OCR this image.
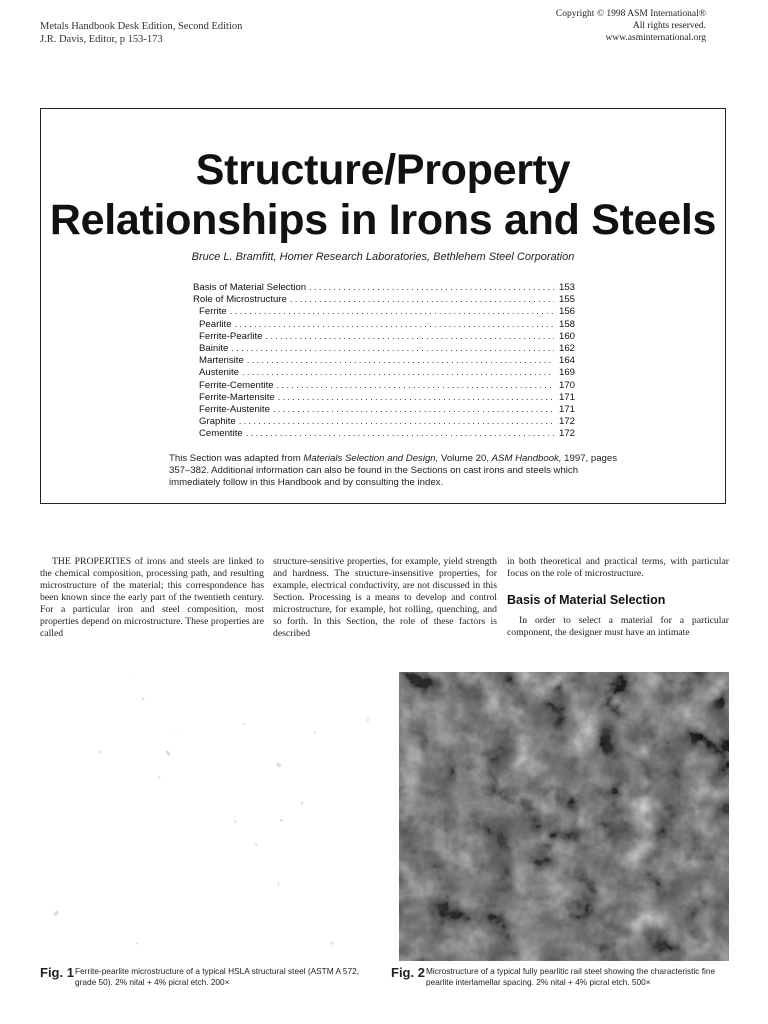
Metals Handbook Desk Edition, Second Edition
J.R. Davis, Editor, p 153-173
Copyright © 1998 ASM International®
All rights reserved.
www.asminternational.org
Structure/Property
Relationships in Irons and Steels
Bruce L. Bramfitt, Homer Research Laboratories, Bethlehem Steel Corporation
Basis of Material Selection .....	153
Role of Microstructure .....	155
Ferrite .....	156
Pearlite .....	158
Ferrite-Pearlite .....	160
Bainite .....	162
Martensite .....	164
Austenite .....	169
Ferrite-Cementite .....	170
Ferrite-Martensite .....	171
Ferrite-Austenite .....	171
Graphite .....	172
Cementite .....	172
This Section was adapted from Materials Selection and Design, Volume 20, ASM Handbook, 1997, pages 357–382. Additional information can also be found in the Sections on cast irons and steels which immediately follow in this Handbook and by consulting the index.

THE PROPERTIES of irons and steels are linked to the chemical composition, processing path, and resulting microstructure of the material; this correspondence has been known since the early part of the twentieth century. For a particular iron and steel composition, most properties depend on microstructure. These properties are called

structure-sensitive properties, for example, yield strength and hardness. The structure-insensitive properties, for example, electrical conductivity, are not discussed in this Section. Processing is a means to develop and control microstructure, for example, hot rolling, quenching, and so forth. In this Section, the role of these factors is described

in both theoretical and practical terms, with particular focus on the role of microstructure.

Basis of Material Selection

In order to select a material for a particular component, the designer must have an intimate

Fig. 1 Ferrite-pearlite microstructure of a typical HSLA structural steel (ASTM A 572, grade 50). 2% nital + 4% picral etch. 200×
Fig. 2 Microstructure of a typical fully pearlitic rail steel showing the characteristic fine pearlite interlamellar spacing. 2% nital + 4% picral etch. 500×
